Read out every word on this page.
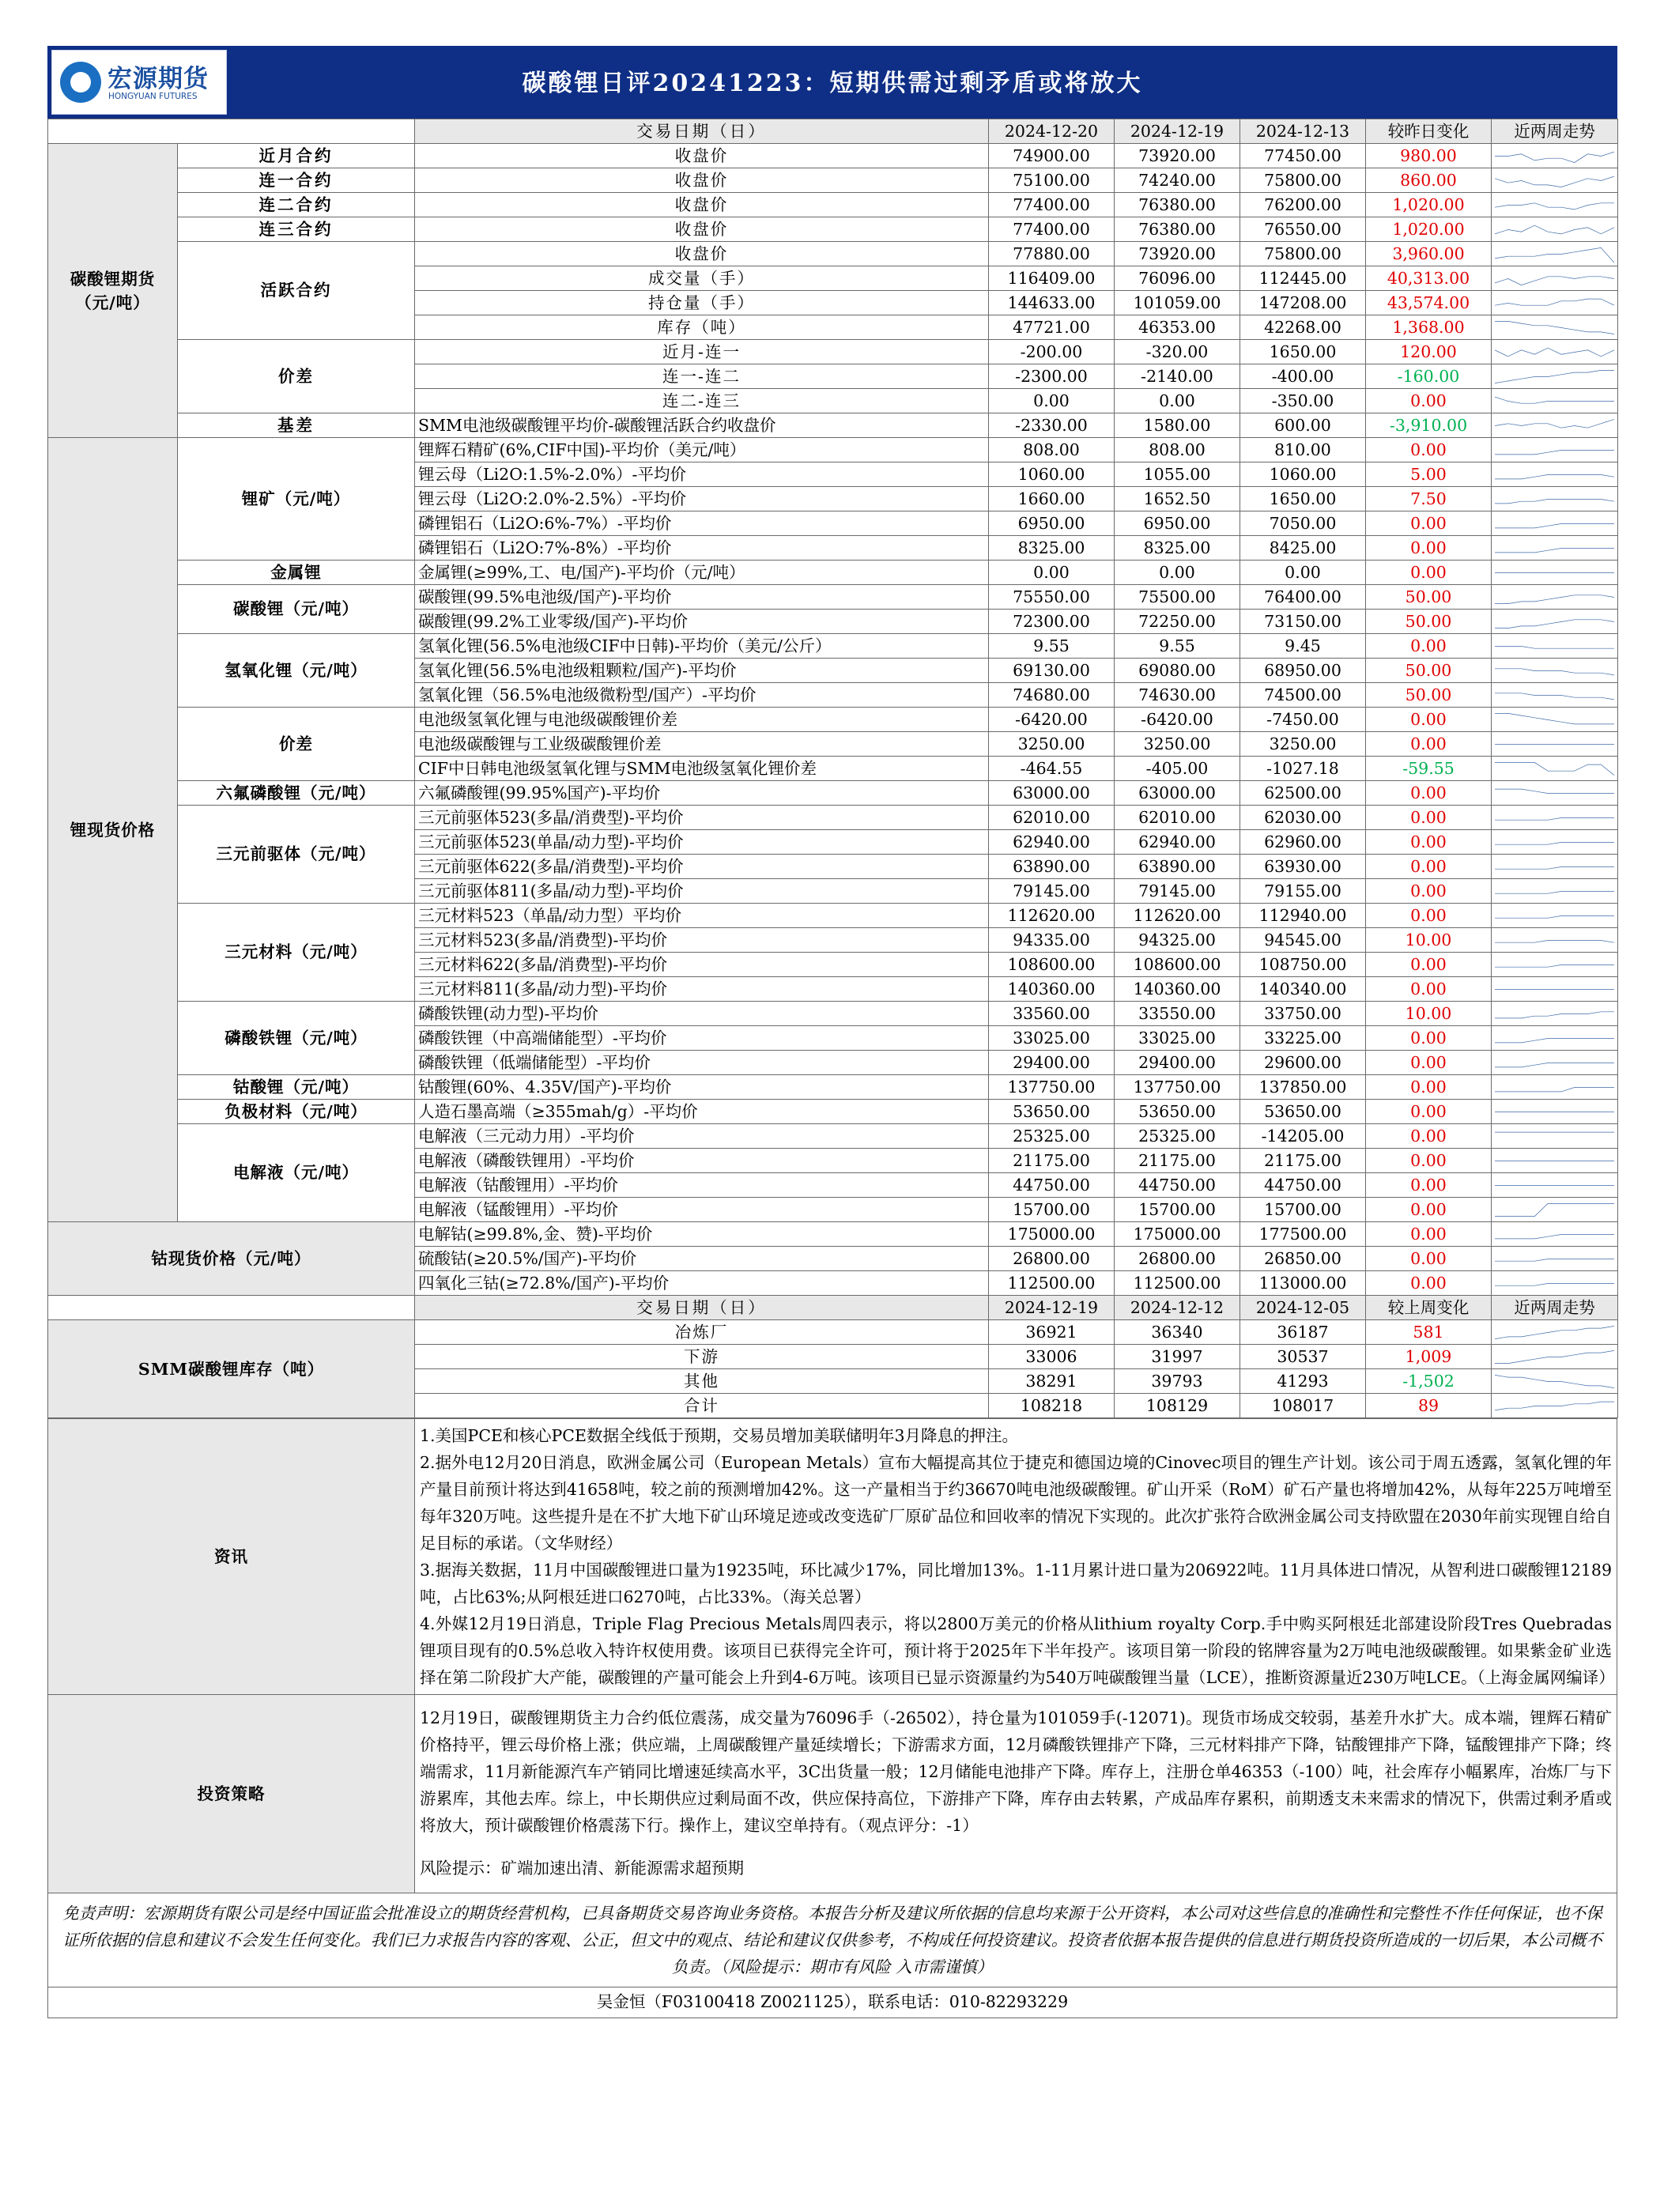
宏源期货
HONGYUAN FUTURES	碳酸锂日评20241223：短期供需过剩矛盾或将放大
		交易日期（日）	2024-12-20	2024-12-19	2024-12-13	较昨日变化	近两周走势
碳酸锂期货
（元/吨）	近月合约	收盘价	74900.00	73920.00	77450.00	980.00	

	连一合约	收盘价	75100.00	74240.00	75800.00	860.00	

	连二合约	收盘价	77400.00	76380.00	76200.00	1,020.00	

	连三合约	收盘价	77400.00	76380.00	76550.00	1,020.00	

	活跃合约	收盘价	77880.00	73920.00	75800.00	3,960.00	

		成交量（手）	116409.00	76096.00	112445.00	40,313.00	

		持仓量（手）	144633.00	101059.00	147208.00	43,574.00	

		库存（吨）	47721.00	46353.00	42268.00	1,368.00	

	价差	近月-连一	-200.00	-320.00	1650.00	120.00	

		连一-连二	-2300.00	-2140.00	-400.00	-160.00	

		连二-连三	0.00	0.00	-350.00	0.00	

	基差	SMM电池级碳酸锂平均价-碳酸锂活跃合约收盘价	-2330.00	1580.00	600.00	-3,910.00	

锂现货价格	锂矿（元/吨）	锂辉石精矿(6%,CIF中国)-平均价（美元/吨）	808.00	808.00	810.00	0.00	

		锂云母（Li2O:1.5%-2.0%）-平均价	1060.00	1055.00	1060.00	5.00	

		锂云母（Li2O:2.0%-2.5%）-平均价	1660.00	1652.50	1650.00	7.50	

		磷锂铝石（Li2O:6%-7%）-平均价	6950.00	6950.00	7050.00	0.00	

		磷锂铝石（Li2O:7%-8%）-平均价	8325.00	8325.00	8425.00	0.00	

	金属锂	金属锂(≥99%,工、电/国产)-平均价（元/吨）	0.00	0.00	0.00	0.00	

	碳酸锂（元/吨）	碳酸锂(99.5%电池级/国产)-平均价	75550.00	75500.00	76400.00	50.00	

		碳酸锂(99.2%工业零级/国产)-平均价	72300.00	72250.00	73150.00	50.00	

	氢氧化锂（元/吨）	氢氧化锂(56.5%电池级CIF中日韩)-平均价（美元/公斤）	9.55	9.55	9.45	0.00	

		氢氧化锂(56.5%电池级粗颗粒/国产)-平均价	69130.00	69080.00	68950.00	50.00	

		氢氧化锂（56.5%电池级微粉型/国产）-平均价	74680.00	74630.00	74500.00	50.00	

	价差	电池级氢氧化锂与电池级碳酸锂价差	-6420.00	-6420.00	-7450.00	0.00	

		电池级碳酸锂与工业级碳酸锂价差	3250.00	3250.00	3250.00	0.00	

		CIF中日韩电池级氢氧化锂与SMM电池级氢氧化锂价差	-464.55	-405.00	-1027.18	-59.55	

	六氟磷酸锂（元/吨）	六氟磷酸锂(99.95%国产)-平均价	63000.00	63000.00	62500.00	0.00	

	三元前驱体（元/吨）	三元前驱体523(多晶/消费型)-平均价	62010.00	62010.00	62030.00	0.00	

		三元前驱体523(单晶/动力型)-平均价	62940.00	62940.00	62960.00	0.00	

		三元前驱体622(多晶/消费型)-平均价	63890.00	63890.00	63930.00	0.00	

		三元前驱体811(多晶/动力型)-平均价	79145.00	79145.00	79155.00	0.00	

	三元材料（元/吨）	三元材料523（单晶/动力型）平均价	112620.00	112620.00	112940.00	0.00	

		三元材料523(多晶/消费型)-平均价	94335.00	94325.00	94545.00	10.00	

		三元材料622(多晶/消费型)-平均价	108600.00	108600.00	108750.00	0.00	

		三元材料811(多晶/动力型)-平均价	140360.00	140360.00	140340.00	0.00	

	磷酸铁锂（元/吨）	磷酸铁锂(动力型)-平均价	33560.00	33550.00	33750.00	10.00	

		磷酸铁锂（中高端储能型）-平均价	33025.00	33025.00	33225.00	0.00	

		磷酸铁锂（低端储能型）-平均价	29400.00	29400.00	29600.00	0.00	

	钴酸锂（元/吨）	钴酸锂(60%、4.35V/国产)-平均价	137750.00	137750.00	137850.00	0.00	

	负极材料（元/吨）	人造石墨高端（≥355mah/g）-平均价	53650.00	53650.00	53650.00	0.00	

	电解液（元/吨）	电解液（三元动力用）-平均价	25325.00	25325.00	-14205.00	0.00	

		电解液（磷酸铁锂用）-平均价	21175.00	21175.00	21175.00	0.00	

		电解液（钴酸锂用）-平均价	44750.00	44750.00	44750.00	0.00	

		电解液（锰酸锂用）-平均价	15700.00	15700.00	15700.00	0.00	

钴现货价格（元/吨）		电解钴(≥99.8%,金、赞)-平均价	175000.00	175000.00	177500.00	0.00	

		硫酸钴(≥20.5%/国产)-平均价	26800.00	26800.00	26850.00	0.00	

		四氧化三钴(≥72.8%/国产)-平均价	112500.00	112500.00	113000.00	0.00	

		交易日期（日）	2024-12-19	2024-12-12	2024-12-05	较上周变化	近两周走势
SMM碳酸锂库存（吨）		冶炼厂	36921	36340	36187	581	

		下游	33006	31997	30537	1,009	

		其他	38291	39793	41293	-1,502	

		合计	108218	108129	108017	89	
资讯	1.美国PCE和核心PCE数据全线低于预期，交易员增加美联储明年3月降息的押注。

2.据外电12月20日消息，欧洲金属公司（European Metals）宣布大幅提高其位于捷克和德国边境的Cinovec项目的锂生产计划。该公司于周五透露，氢氧化锂的年产量目前预计将达到41658吨，较之前的预测增加42%。这一产量相当于约36670吨电池级碳酸锂。矿山开采（RoM）矿石产量也将增加42%，从每年225万吨增至每年320万吨。这些提升是在不扩大地下矿山环境足迹或改变选矿厂原矿品位和回收率的情况下实现的。此次扩张符合欧洲金属公司支持欧盟在2030年前实现锂自给自足目标的承诺。（文华财经）

3.据海关数据，11月中国碳酸锂进口量为19235吨，环比减少17%，同比增加13%。1-11月累计进口量为206922吨。11月具体进口情况，从智利进口碳酸锂12189吨，占比63%;从阿根廷进口6270吨，占比33%。（海关总署）

4.外媒12月19日消息，Triple Flag Precious Metals周四表示，将以2800万美元的价格从lithium royalty Corp.手中购买阿根廷北部建设阶段Tres Quebradas锂项目现有的0.5%总收入特许权使用费。该项目已获得完全许可，预计将于2025年下半年投产。该项目第一阶段的铭牌容量为2万吨电池级碳酸锂。如果紫金矿业选择在第二阶段扩大产能，碳酸锂的产量可能会上升到4-6万吨。该项目已显示资源量约为540万吨碳酸锂当量（LCE），推断资源量近230万吨LCE。（上海金属网编译）

投资策略	12月19日，碳酸锂期货主力合约低位震荡，成交量为76096手（-26502），持仓量为101059手(-12071)。现货市场成交较弱，基差升水扩大。成本端，锂辉石精矿价格持平，锂云母价格上涨；供应端，上周碳酸锂产量延续增长；下游需求方面，12月磷酸铁锂排产下降，三元材料排产下降，钴酸锂排产下降，锰酸锂排产下降；终端需求，11月新能源汽车产销同比增速延续高水平，3C出货量一般；12月储能电池排产下降。库存上，注册仓单46353（-100）吨，社会库存小幅累库，冶炼厂与下游累库，其他去库。综上，中长期供应过剩局面不改，供应保持高位，下游排产下降，库存由去转累，产成品库存累积，前期透支未来需求的情况下，供需过剩矛盾或将放大，预计碳酸锂价格震荡下行。操作上，建议空单持有。（观点评分：-1）

风险提示：矿端加速出清、新能源需求超预期

免责声明：宏源期货有限公司是经中国证监会批准设立的期货经营机构，已具备期货交易咨询业务资格。本报告分析及建议所依据的信息均来源于公开资料，本公司对这些信息的准确性和完整性不作任何保证，也不保证所依据的信息和建议不会发生任何变化。我们已力求报告内容的客观、公正，但文中的观点、结论和建议仅供参考，不构成任何投资建议。投资者依据本报告提供的信息进行期货投资所造成的一切后果，本公司概不负责。（风险提示：期市有风险 入市需谨慎）
吴金恒（F03100418 Z0021125），联系电话：010-82293229
